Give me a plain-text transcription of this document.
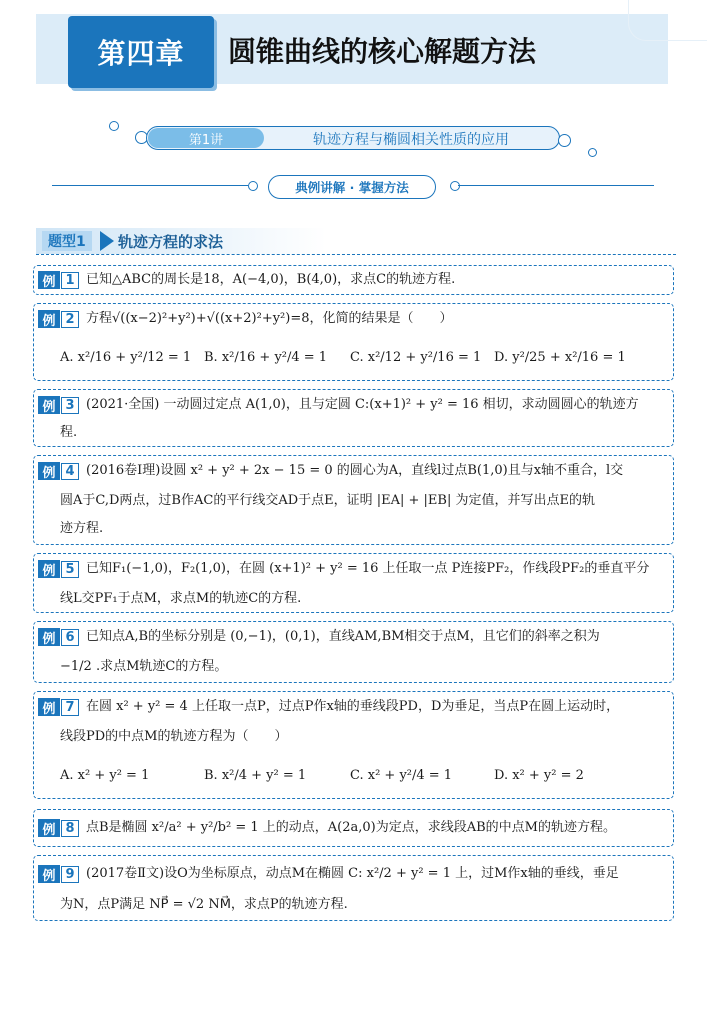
第四章	圆锥曲线的核心解题方法
第1讲	轨迹方程与椭圆相关性质的应用
典例讲解 · 掌握方法
题型1	轨迹方程的求法
例 1 已知△ABC的周长是18，A(−4,0)，B(4,0)，求点C的轨迹方程.
例 2 方程√((x−2)²+y²)+√((x+2)²+y²)=8，化简的结果是（　　）
A. x²/16 + y²/12 = 1 B. x²/16 + y²/4 = 1 C. x²/12 + y²/16 = 1 D. y²/25 + x²/16 = 1
例 3 (2021·全国) 一动圆过定点 A(1,0)，且与定圆 C:(x+1)² + y² = 16 相切，求动圆圆心的轨迹方
程.
例 4 (2016卷Ⅰ理)设圆 x² + y² + 2x − 15 = 0 的圆心为A，直线l过点B(1,0)且与x轴不重合，l交
圆A于C,D两点，过B作AC的平行线交AD于点E，证明 |EA| + |EB| 为定值，并写出点E的轨
迹方程.
例 5 已知F₁(−1,0)，F₂(1,0)，在圆 (x+1)² + y² = 16 上任取一点 P连接PF₂，作线段PF₂的垂直平分
线L交PF₁于点M，求点M的轨迹C的方程.
例 6 已知点A,B的坐标分别是 (0,−1)，(0,1)，直线AM,BM相交于点M，且它们的斜率之积为
−1/2 .求点M轨迹C的方程。
例 7 在圆 x² + y² = 4 上任取一点P，过点P作x轴的垂线段PD，D为垂足，当点P在圆上运动时，
线段PD的中点M的轨迹方程为（　　）
A. x² + y² = 1	B. x²/4 + y² = 1	C. x² + y²/4 = 1	D. x² + y² = 2
例 8 点B是椭圆 x²/a² + y²/b² = 1 上的动点，A(2a,0)为定点，求线段AB的中点M的轨迹方程。
例 9 (2017卷Ⅱ文)设O为坐标原点，动点M在椭圆 C: x²/2 + y² = 1 上，过M作x轴的垂线，垂足
为N，点P满足 NP⃗ = √2 NM⃗，求点P的轨迹方程.
